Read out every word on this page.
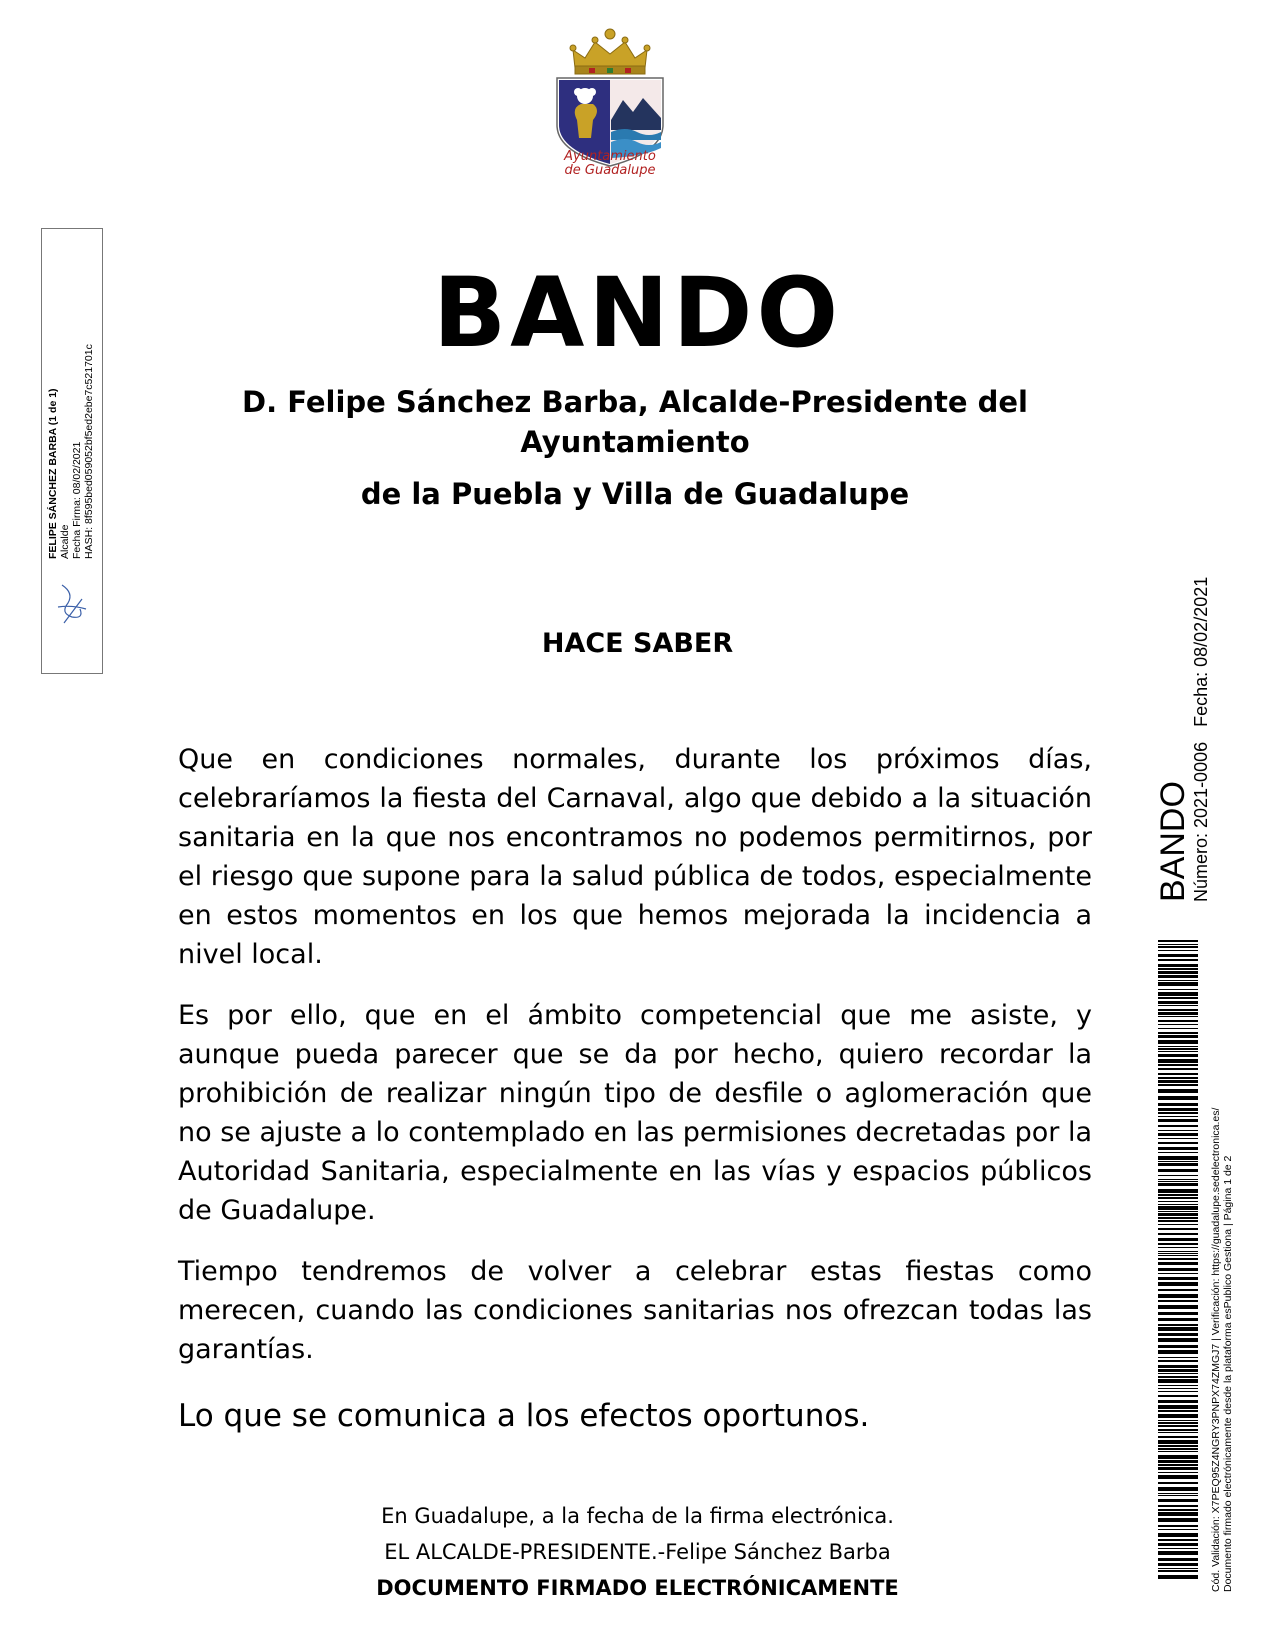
Ayuntamiento
de Guadalupe
BANDO
D. Felipe Sánchez Barba, Alcalde-Presidente del
Ayuntamiento
de la Puebla y Villa de Guadalupe
HACE SABER
Que en condiciones normales, durante los próximos días, celebraríamos la fiesta del Carnaval, algo que debido a la situación sanitaria en la que nos encontramos no podemos permitirnos, por el riesgo que supone para la salud pública de todos, especialmente en estos momentos en los que hemos mejorada la incidencia a nivel local.
Es por ello, que en el ámbito competencial que me asiste, y aunque pueda parecer que se da por hecho, quiero recordar la prohibición de realizar ningún tipo de desfile o aglomeración que no se ajuste a lo contemplado en las permisiones decretadas por la Autoridad Sanitaria, especialmente en las vías y espacios públicos de Guadalupe.
Tiempo tendremos de volver a celebrar estas fiestas como merecen, cuando las condiciones sanitarias nos ofrezcan todas las garantías.
Lo que se comunica a los efectos oportunos.
En Guadalupe, a la fecha de la firma electrónica.
EL ALCALDE-PRESIDENTE.-Felipe Sánchez Barba
DOCUMENTO FIRMADO ELECTRÓNICAMENTE
FELIPE SÁNCHEZ BARBA (1 de 1) Alcalde Fecha Firma: 08/02/2021 HASH: 8f595bed059052bf5ed2ebe7c521701c
BANDO Número: 2021-0006   Fecha: 08/02/2021
Cód. Validación: X7PEQ95Z4NGRY3PNPX74ZMGJ7 | Verificación: https://guadalupe.sedelectronica.es/ Documento firmado electrónicamente desde la plataforma esPublico Gestiona | Página 1 de 2
